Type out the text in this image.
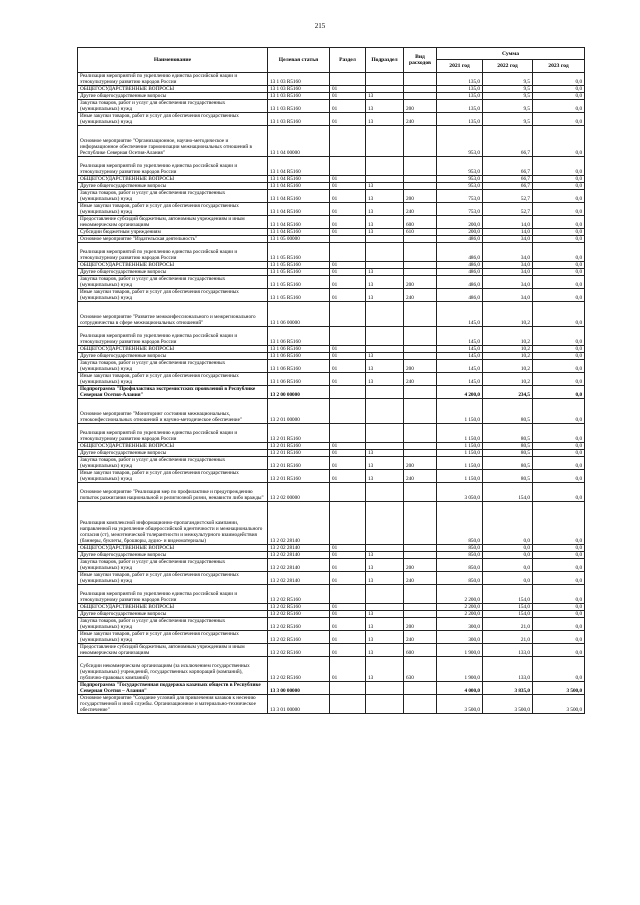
215
Наименование	Целевая статья	Раздел	Подраздел	Вид расходов	Сумма		
					2021 год	2022 год	2023 год
Реализация мероприятий по укреплению единства российской нации и этнокультурному развитию народов России	13 1 03 R5160				135,0	9,5	0,0
ОБЩЕГОСУДАРСТВЕННЫЕ ВОПРОСЫ	13 1 03 R5160	01			135,0	9,5	0,0
Другие общегосударственные вопросы	13 1 03 R5160	01	13		135,0	9,5	0,0
Закупка товаров, работ и услуг для обеспечения государственных (муниципальных) нужд	13 1 03 R5160	01	13	200	135,0	9,5	0,0
Иные закупки товаров, работ и услуг для обеспечения государственных (муниципальных) нужд	13 1 03 R5160	01	13	240	135,0	9,5	0,0
Основное мероприятие "Организационное, научно-методическое и информационное обеспечение гармонизации межнациональных отношений в Республике Северная Осетия-Алания"	13 1 04 00000				953,0	66,7	0,0
Реализация мероприятий по укреплению единства российской нации и этнокультурному развитию народов России	13 1 04 R5160				953,0	66,7	0,0
ОБЩЕГОСУДАРСТВЕННЫЕ ВОПРОСЫ	13 1 04 R5160	01			953,0	66,7	0,0
Другие общегосударственные вопросы	13 1 04 R5160	01	13		953,0	66,7	0,0
Закупка товаров, работ и услуг для обеспечения государственных (муниципальных) нужд	13 1 04 R5160	01	13	200	753,0	52,7	0,0
Иные закупки товаров, работ и услуг для обеспечения государственных (муниципальных) нужд	13 1 04 R5160	01	13	240	753,0	52,7	0,0
Предоставление субсидий бюджетным, автономным учреждениям и иным некоммерческим организациям	13 1 04 R5160	01	13	600	200,0	14,0	0,0
Субсидии бюджетным учреждениям	13 1 04 R5160	01	13	610	200,0	14,0	0,0
Основное мероприятие "Издательская деятельность"	13 1 05 00000				486,0	34,0	0,0
Реализация мероприятий по укреплению единства российской нации и этнокультурному развитию народов России	13 1 05 R5160				486,0	34,0	0,0
ОБЩЕГОСУДАРСТВЕННЫЕ ВОПРОСЫ	13 1 05 R5160	01			486,0	34,0	0,0
Другие общегосударственные вопросы	13 1 05 R5160	01	13		486,0	34,0	0,0
Закупка товаров, работ и услуг для обеспечения государственных (муниципальных) нужд	13 1 05 R5160	01	13	200	486,0	34,0	0,0
Иные закупки товаров, работ и услуг для обеспечения государственных (муниципальных) нужд	13 1 05 R5160	01	13	240	486,0	34,0	0,0
Основное мероприятие "Развитие межконфессионального и межрегионального сотрудничества в сфере межнациональных отношений"	13 1 06 00000				145,0	10,2	0,0
Реализация мероприятий по укреплению единства российской нации и этнокультурному развитию народов России	13 1 06 R5160				145,0	10,2	0,0
ОБЩЕГОСУДАРСТВЕННЫЕ ВОПРОСЫ	13 1 06 R5160	01			145,0	10,2	0,0
Другие общегосударственные вопросы	13 1 06 R5160	01	13		145,0	10,2	0,0
Закупка товаров, работ и услуг для обеспечения государственных (муниципальных) нужд	13 1 06 R5160	01	13	200	145,0	10,2	0,0
Иные закупки товаров, работ и услуг для обеспечения государственных (муниципальных) нужд	13 1 06 R5160	01	13	240	145,0	10,2	0,0
Подпрограмма "Профилактика экстремистских проявлений в Республике Северная Осетия-Алания"	13 2 00 00000				4 200,0	234,5	0,0
Основное мероприятие "Мониторинг состояния межнациональных, этноконфессиональных отношений и научно-методическое обеспечение"	13 2 01 00000				1 150,0	80,5	0,0
Реализация мероприятий по укреплению единства российской нации и этнокультурному развитию народов России	13 2 01 R5160				1 150,0	80,5	0,0
ОБЩЕГОСУДАРСТВЕННЫЕ ВОПРОСЫ	13 2 01 R5160	01			1 150,0	80,5	0,0
Другие общегосударственные вопросы	13 2 01 R5160	01	13		1 150,0	80,5	0,0
Закупка товаров, работ и услуг для обеспечения государственных (муниципальных) нужд	13 2 01 R5160	01	13	200	1 150,0	80,5	0,0
Иные закупки товаров, работ и услуг для обеспечения государственных (муниципальных) нужд	13 2 01 R5160	01	13	240	1 150,0	80,5	0,0
Основное мероприятие "Реализация мер по профилактике и предупреждению попыток разжигания национальной и религиозной розни, ненависти либо вражды"	13 2 02 00000				3 050,0	154,0	0,0
Реализация комплексной информационно-пропагандистской кампании, направленной на укрепление общероссийской идентичности и межнационального согласия (ст), межэтнической толерантности и межкультурного взаимодействия (баннеры, буклеты, брошюры, аудио- и видеоматериалы)	13 2 02 28140				850,0	0,0	0,0
ОБЩЕГОСУДАРСТВЕННЫЕ ВОПРОСЫ	13 2 02 28140	01			850,0	0,0	0,0
Другие общегосударственные вопросы	13 2 02 28140	01	13		850,0	0,0	0,0
Закупка товаров, работ и услуг для обеспечения государственных (муниципальных) нужд	13 2 02 28140	01	13	200	850,0	0,0	0,0
Иные закупки товаров, работ и услуг для обеспечения государственных (муниципальных) нужд	13 2 02 28140	01	13	240	850,0	0,0	0,0
Реализация мероприятий по укреплению единства российской нации и этнокультурному развитию народов России	13 2 02 R5160				2 200,0	154,0	0,0
ОБЩЕГОСУДАРСТВЕННЫЕ ВОПРОСЫ	13 2 02 R5160	01			2 200,0	154,0	0,0
Другие общегосударственные вопросы	13 2 02 R5160	01	13		2 200,0	154,0	0,0
Закупка товаров, работ и услуг для обеспечения государственных (муниципальных) нужд	13 2 02 R5160	01	13	200	300,0	21,0	0,0
Иные закупки товаров, работ и услуг для обеспечения государственных (муниципальных) нужд	13 2 02 R5160	01	13	240	300,0	21,0	0,0
Предоставление субсидий бюджетным, автономным учреждениям и иным некоммерческим организациям	13 2 02 R5160	01	13	600	1 900,0	133,0	0,0
Субсидии некоммерческим организациям (за исключением государственных (муниципальных) учреждений, государственных корпораций (компаний), публично-правовых компаний)	13 2 02 R5160	01	13	630	1 900,0	133,0	0,0
Подпрограмма "Государственная поддержка казачьих обществ в Республике Северная Осетия – Алания"	13 3 00 00000				4 000,0	3 835,0	3 500,0
Основное мероприятие "Создание условий для привлечения казаков к несению государственной и иной службы. Организационное и материально-техническое обеспечение"	13 3 01 00000				3 500,0	3 500,0	3 500,0
